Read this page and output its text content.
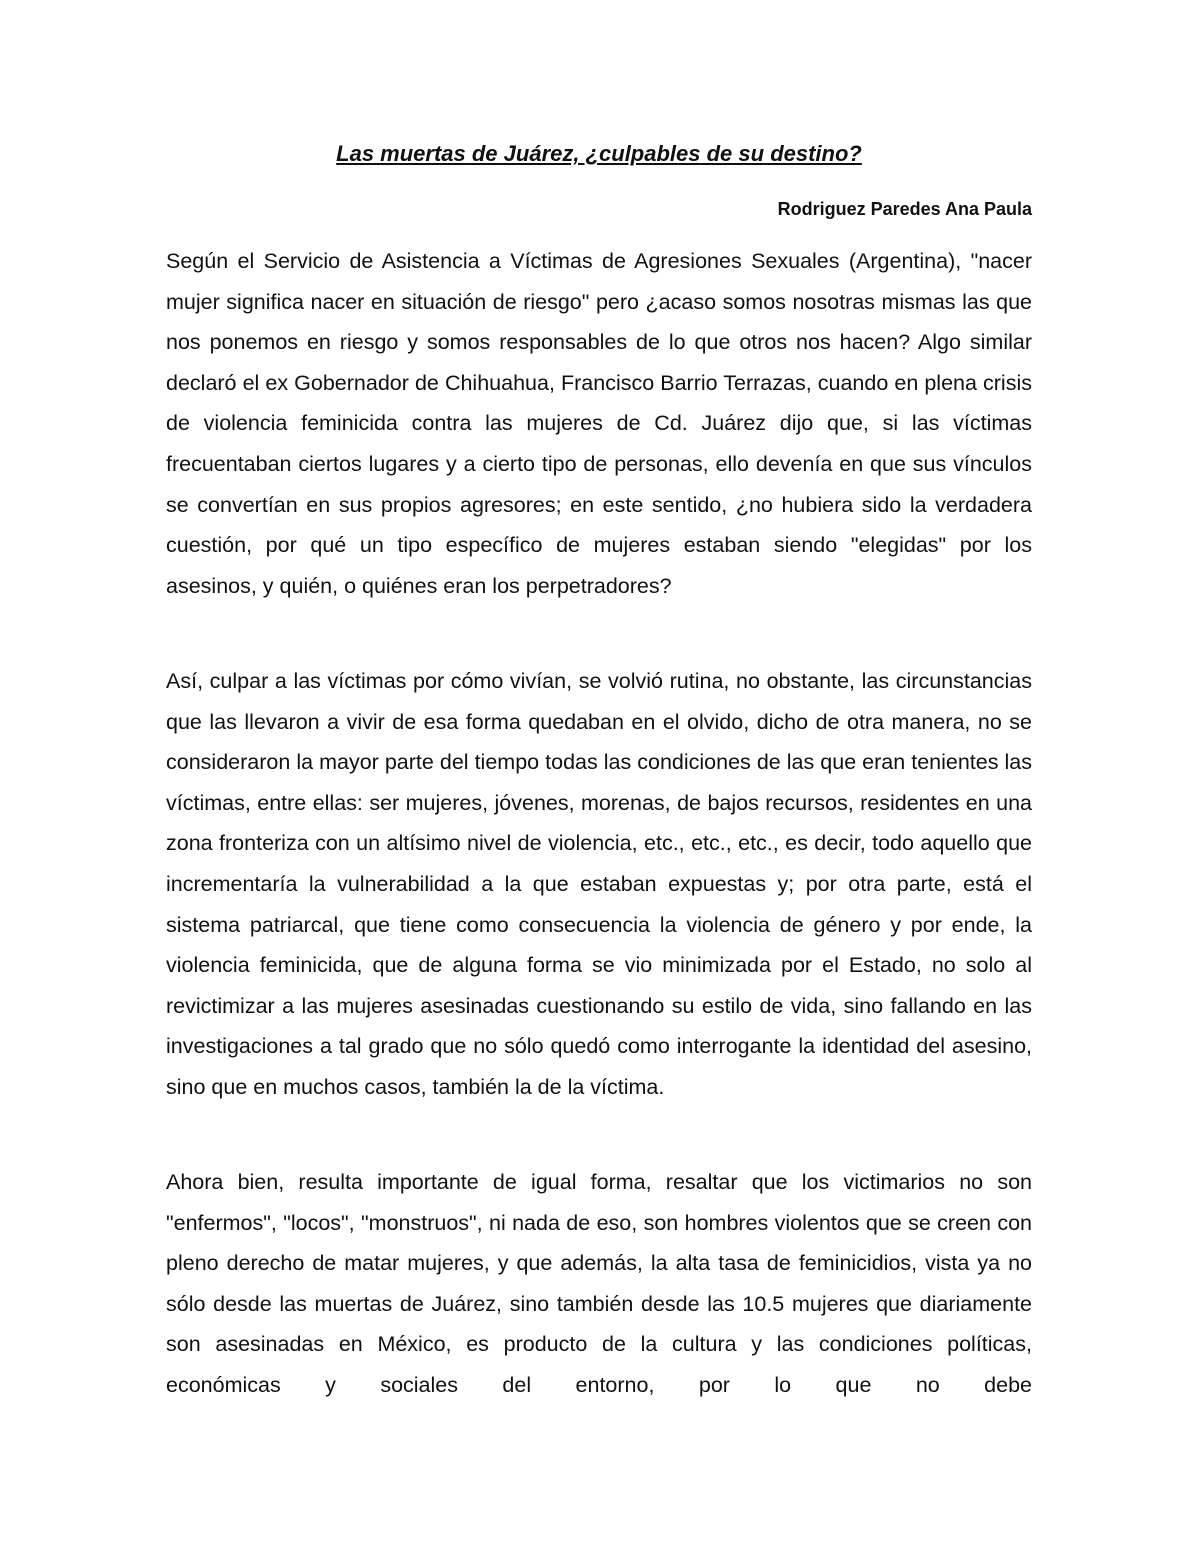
Las muertas de Juárez, ¿culpables de su destino?

Rodriguez Paredes Ana Paula

Según el Servicio de Asistencia a Víctimas de Agresiones Sexuales (Argentina), "nacer mujer significa nacer en situación de riesgo" pero ¿acaso somos nosotras mismas las que nos ponemos en riesgo y somos responsables de lo que otros nos hacen? Algo similar declaró el ex Gobernador de Chihuahua, Francisco Barrio Terrazas, cuando en plena crisis de violencia feminicida contra las mujeres de Cd. Juárez dijo que, si las víctimas frecuentaban ciertos lugares y a cierto tipo de personas, ello devenía en que sus vínculos se convertían en sus propios agresores; en este sentido, ¿no hubiera sido la verdadera cuestión, por qué un tipo específico de mujeres estaban siendo "elegidas" por los asesinos, y quién, o quiénes eran los perpetradores?

Así, culpar a las víctimas por cómo vivían, se volvió rutina, no obstante, las circunstancias que las llevaron a vivir de esa forma quedaban en el olvido, dicho de otra manera, no se consideraron la mayor parte del tiempo todas las condiciones de las que eran tenientes las víctimas, entre ellas: ser mujeres, jóvenes, morenas, de bajos recursos, residentes en una zona fronteriza con un altísimo nivel de violencia, etc., etc., etc., es decir, todo aquello que incrementaría la vulnerabilidad a la que estaban expuestas y; por otra parte, está el sistema patriarcal, que tiene como consecuencia la violencia de género y por ende, la violencia feminicida, que de alguna forma se vio minimizada por el Estado, no solo al revictimizar a las mujeres asesinadas cuestionando su estilo de vida, sino fallando en las investigaciones a tal grado que no sólo quedó como interrogante la identidad del asesino, sino que en muchos casos, también la de la víctima.

Ahora bien, resulta importante de igual forma, resaltar que los victimarios no son "enfermos", "locos", "monstruos", ni nada de eso, son hombres violentos que se creen con pleno derecho de matar mujeres, y que además, la alta tasa de feminicidios, vista ya no sólo desde las muertas de Juárez, sino también desde las 10.5 mujeres que diariamente son asesinadas en México, es producto de la cultura y las condiciones políticas, económicas y sociales del entorno, por lo que no debe
